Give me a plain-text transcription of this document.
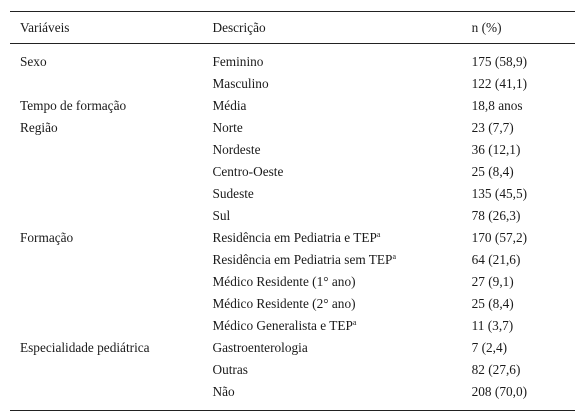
Variáveis	Descrição	n (%)
Sexo	Feminino	175 (58,9)
	Masculino	122 (41,1)
Tempo de formação	Média	18,8 anos
Região	Norte	23 (7,7)
	Nordeste	36 (12,1)
	Centro-Oeste	25 (8,4)
	Sudeste	135 (45,5)
	Sul	78 (26,3)
Formação	Residência em Pediatria e TEP$^a$	170 (57,2)
	Residência em Pediatria sem TEP$^a$	64 (21,6)
	Médico Residente (1° ano)	27 (9,1)
	Médico Residente (2° ano)	25 (8,4)
	Médico Generalista e TEP$^a$	11 (3,7)
Especialidade pediátrica	Gastroenterologia	7 (2,4)
	Outras	82 (27,6)
	Não	208 (70,0)
